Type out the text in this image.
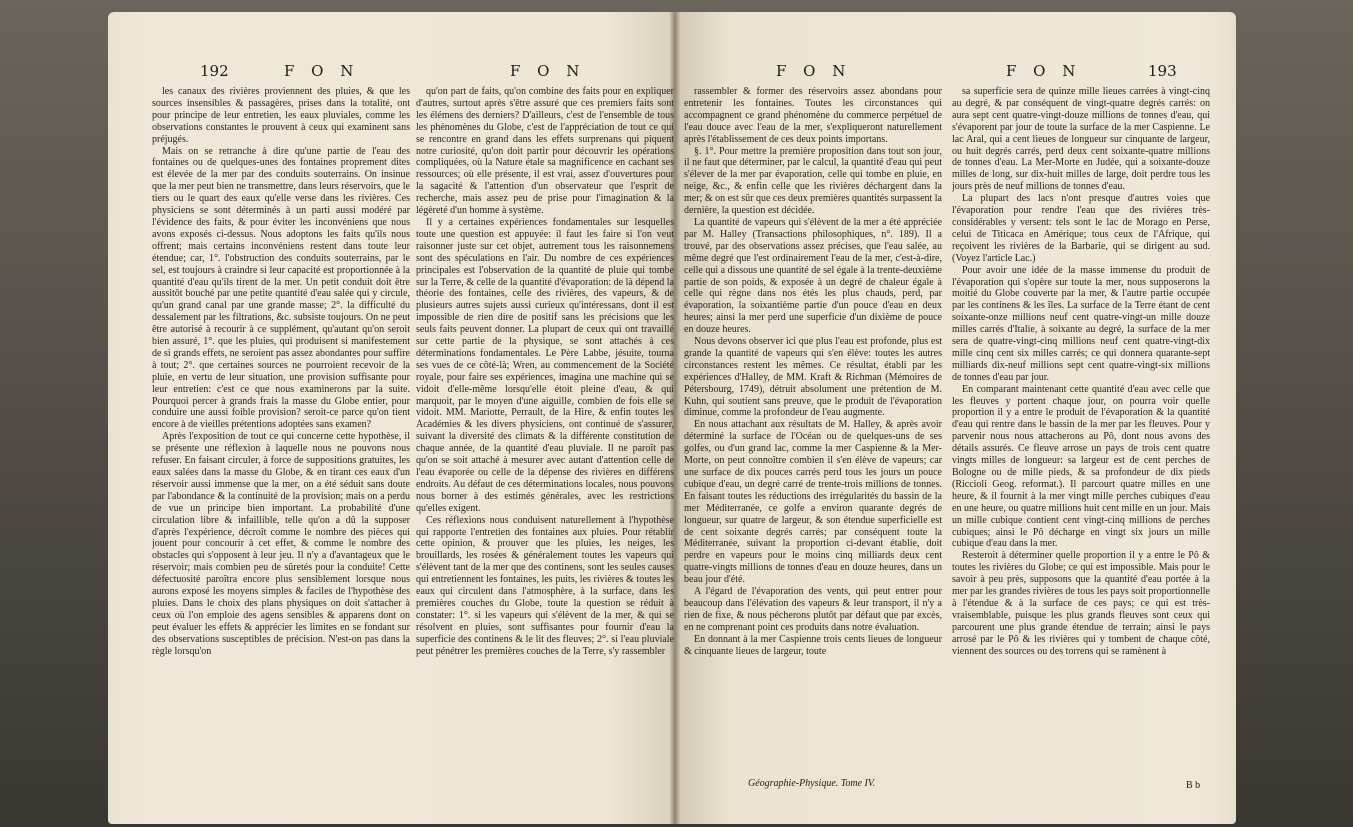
192	F O N	F O N	F O N	F O N	193

les canaux des rivières proviennent des pluies, & que les sources insensibles & passagères, prises dans la totalité, ont pour principe de leur entretien, les eaux pluviales, comme les observations constantes le prouvent à ceux qui examinent sans préjugés.

Mais on se retranche à dire qu'une partie de l'eau des fontaines ou de quelques-unes des fontaines proprement dites est élevée de la mer par des conduits souterrains. On insinue que la mer peut bien ne transmettre, dans leurs réservoirs, que le tiers ou le quart des eaux qu'elle verse dans les rivières. Ces physiciens se sont déterminés à un parti aussi modéré par l'évidence des faits, & pour éviter les inconvéniens que nous avons exposés ci-dessus. Nous adoptons les faits qu'ils nous offrent; mais certains inconvéniens restent dans toute leur étendue; car, 1°. l'obstruction des conduits souterrains, par le sel, est toujours à craindre si leur capacité est proportionnée à la quantité d'eau qu'ils tirent de la mer. Un petit conduit doit être aussitôt bouché par une petite quantité d'eau salée qui y circule, qu'un grand canal par une grande masse; 2°. la difficulté du dessalement par les filtrations, &c. subsiste toujours. On ne peut être autorisé à recourir à ce supplément, qu'autant qu'on seroit bien assuré, 1°. que les pluies, qui produisent si manifestement de si grands effets, ne seroient pas assez abondantes pour suffire à tout; 2°. que certaines sources ne pourroient recevoir de la pluie, en vertu de leur situation, une provision suffisante pour leur entretien: c'est ce que nous examinerons par la suite. Pourquoi percer à grands frais la masse du Globe entier, pour conduire une aussi foible provision? seroit-ce parce qu'on tient encore à de vieilles prétentions adoptées sans examen?

Après l'exposition de tout ce qui concerne cette hypothèse, il se présente une réflexion à laquelle nous ne pouvons nous refuser. En faisant circuler, à force de suppositions gratuites, les eaux salées dans la masse du Globe, & en tirant ces eaux d'un réservoir aussi immense que la mer, on a été séduit sans doute par l'abondance & la continuité de la provision; mais on a perdu de vue un principe bien important. La probabilité d'une circulation libre & infaillible, telle qu'on a dû la supposer d'après l'expérience, décroît comme le nombre des pièces qui jouent pour concourir à cet effet, & comme le nombre des obstacles qui s'opposent à leur jeu. Il n'y a d'avantageux que le réservoir; mais combien peu de sûretés pour la conduite! Cette défectuosité paroîtra encore plus sensiblement lorsque nous aurons exposé les moyens simples & faciles de l'hypothèse des pluies. Dans le choix des plans physiques on doit s'attacher à ceux où l'on emploie des agens sensibles & apparens dont on peut évaluer les effets & apprécier les limites en se fondant sur des observations susceptibles de précision. N'est-on pas dans la règle lorsqu'on

qu'on part de faits, qu'on combine des faits pour en expliquer d'autres, surtout après s'être assuré que ces premiers faits sont les élémens des derniers? D'ailleurs, c'est de l'ensemble de tous les phénomènes du Globe, c'est de l'appréciation de tout ce qui se rencontre en grand dans les effets surprenans qui piquent notre curiosité, qu'on doit partir pour découvrir les opérations compliquées, où la Nature étale sa magnificence en cachant ses ressources; où elle présente, il est vrai, assez d'ouvertures pour la sagacité & l'attention d'un observateur que l'esprit de recherche, mais assez peu de prise pour l'imagination & la légèreté d'un homme à système.

Il y a certaines expériences fondamentales sur lesquelles toute une question est appuyée: il faut les faire si l'on veut raisonner juste sur cet objet, autrement tous les raisonnemens sont des spéculations en l'air. Du nombre de ces expériences principales est l'observation de la quantité de pluie qui tombe sur la Terre, & celle de la quantité d'évaporation: de là dépend la théorie des fontaines, celle des rivières, des vapeurs, & de plusieurs autres sujets aussi curieux qu'intéressans, dont il est impossible de rien dire de positif sans les précisions que les seuls faits peuvent donner. La plupart de ceux qui ont travaillé sur cette partie de la physique, se sont attachés à ces déterminations fondamentales. Le Père Labbe, jésuite, tourna ses vues de ce côté-là; Wren, au commencement de la Société royale, pour faire ses expériences, imagina une machine qui se vidoit d'elle-même lorsqu'elle étoit pleine d'eau, & qui marquoit, par le moyen d'une aiguille, combien de fois elle se vidoit. MM. Mariotte, Perrault, de la Hire, & enfin toutes les Académies & les divers physiciens, ont continué de s'assurer, suivant la diversité des climats & la différente constitution de chaque année, de la quantité d'eau pluviale. Il ne paroît pas qu'on se soit attaché à mesurer avec autant d'attention celle de l'eau évaporée ou celle de la dépense des rivières en différens endroits. Au défaut de ces déterminations locales, nous pouvons nous borner à des estimés générales, avec les restrictions qu'elles exigent.

Ces réflexions nous conduisent naturellement à l'hypothèse qui rapporte l'entretien des fontaines aux pluies. Pour rétablir cette opinion, & prouver que les pluies, les neiges, les brouillards, les rosées & généralement toutes les vapeurs qui s'élèvent tant de la mer que des continens, sont les seules causes qui entretiennent les fontaines, les puits, les rivières & toutes les eaux qui circulent dans l'atmosphère, à la surface, dans les premières couches du Globe, toute la question se réduit à constater: 1°. si les vapeurs qui s'élèvent de la mer, & qui se résolvent en pluies, sont suffisantes pour fournir d'eau la superficie des continens & le lit des fleuves; 2°. si l'eau pluviale peut pénétrer les premières couches de la Terre, s'y rassembler

rassembler & former des réservoirs assez abondans pour entretenir les fontaines. Toutes les circonstances qui accompagnent ce grand phénomène du commerce perpétuel de l'eau douce avec l'eau de la mer, s'expliqueront naturellement après l'établissement de ces deux points importans.

§. 1°. Pour mettre la première proposition dans tout son jour, il ne faut que déterminer, par le calcul, la quantité d'eau qui peut s'élever de la mer par évaporation, celle qui tombe en pluie, en neige, &c., & enfin celle que les rivières déchargent dans la mer; & on est sûr que ces deux premières quantités surpassent la dernière, la question est décidée.

La quantité de vapeurs qui s'élèvent de la mer a été appréciée par M. Halley (Transactions philosophiques, n°. 189). Il a trouvé, par des observations assez précises, que l'eau salée, au même degré que l'est ordinairement l'eau de la mer, c'est-à-dire, celle qui a dissous une quantité de sel égale à la trente-deuxième partie de son poids, & exposée à un degré de chaleur égale à celle qui règne dans nos étés les plus chauds, perd, par évaporation, la soixantième partie d'un pouce d'eau en deux heures; ainsi la mer perd une superficie d'un dixième de pouce en douze heures.

Nous devons observer ici que plus l'eau est profonde, plus est grande la quantité de vapeurs qui s'en élève: toutes les autres circonstances restent les mêmes. Ce résultat, établi par les expériences d'Halley, de MM. Kraft & Richman (Mémoires de Pétersbourg, 1749), détruit absolument une prétention de M. Kuhn, qui soutient sans preuve, que le produit de l'évaporation diminue, comme la profondeur de l'eau augmente.

En nous attachant aux résultats de M. Halley, & après avoir déterminé la surface de l'Océan ou de quelques-uns de ses golfes, ou d'un grand lac, comme la mer Caspienne & la Mer-Morte, on peut connoître combien il s'en élève de vapeurs; car une surface de dix pouces carrés perd tous les jours un pouce cubique d'eau, un degré carré de trente-trois millions de tonnes. En faisant toutes les réductions des irrégularités du bassin de la mer Méditerranée, ce golfe a environ quarante degrés de longueur, sur quatre de largeur, & son étendue superficielle est de cent soixante degrés carrés; par conséquent toute la Méditerranée, suivant la proportion ci-devant établie, doit perdre en vapeurs pour le moins cinq milliards deux cent quatre-vingts millions de tonnes d'eau en douze heures, dans un beau jour d'été.

A l'égard de l'évaporation des vents, qui peut entrer pour beaucoup dans l'élévation des vapeurs & leur transport, il n'y a rien de fixe, & nous pécherons plutôt par défaut que par excès, en ne comprenant point ces produits dans notre évaluation.

En donnant à la mer Caspienne trois cents lieues de longueur & cinquante lieues de largeur, toute

sa superficie sera de quinze mille lieues carrées à vingt-cinq au degré, & par conséquent de vingt-quatre degrés carrés: on aura sept cent quatre-vingt-douze millions de tonnes d'eau, qui s'évaporent par jour de toute la surface de la mer Caspienne. Le lac Aral, qui a cent lieues de longueur sur cinquante de largeur, ou huit degrés carrés, perd deux cent soixante-quatre millions de tonnes d'eau. La Mer-Morte en Judée, qui a soixante-douze milles de long, sur dix-huit milles de large, doit perdre tous les jours près de neuf millions de tonnes d'eau.

La plupart des lacs n'ont presque d'autres voies que l'évaporation pour rendre l'eau que des rivières très-considérables y versent: tels sont le lac de Morago en Perse, celui de Titicaca en Amérique; tous ceux de l'Afrique, qui reçoivent les rivières de la Barbarie, qui se dirigent au sud. (Voyez l'article Lac.)

Pour avoir une idée de la masse immense du produit de l'évaporation qui s'opère sur toute la mer, nous supposerons la moitié du Globe couverte par la mer, & l'autre partie occupée par les continens & les îles. La surface de la Terre étant de cent soixante-onze millions neuf cent quatre-vingt-un mille douze milles carrés d'Italie, à soixante au degré, la surface de la mer sera de quatre-vingt-cinq millions neuf cent quatre-vingt-dix mille cinq cent six milles carrés; ce qui donnera quarante-sept milliards dix-neuf millions sept cent quatre-vingt-six millions de tonnes d'eau par jour.

En comparant maintenant cette quantité d'eau avec celle que les fleuves y portent chaque jour, on pourra voir quelle proportion il y a entre le produit de l'évaporation & la quantité d'eau qui rentre dans le bassin de la mer par les fleuves. Pour y parvenir nous nous attacherons au Pô, dont nous avons des détails assurés. Ce fleuve arrose un pays de trois cent quatre vingts milles de longueur: sa largeur est de cent perches de Bologne ou de mille pieds, & sa profondeur de dix pieds (Riccioli Geog. reformat.). Il parcourt quatre milles en une heure, & il fournit à la mer vingt mille perches cubiques d'eau en une heure, ou quatre millions huit cent mille en un jour. Mais un mille cubique contient cent vingt-cinq millions de perches cubiques; ainsi le Pô décharge en vingt six jours un mille cubique d'eau dans la mer.

Resteroit à déterminer quelle proportion il y a entre le Pô & toutes les rivières du Globe; ce qui est impossible. Mais pour le savoir à peu près, supposons que la quantité d'eau portée à la mer par les grandes rivières de tous les pays soit proportionnelle à l'étendue & à la surface de ces pays; ce qui est très-vraisemblable, puisque les plus grands fleuves sont ceux qui parcourent une plus grande étendue de terrain; ainsi le pays arrosé par le Pô & les rivières qui y tombent de chaque côté, viennent des sources ou des torrens qui se ramènent à

Géographie-Physique. Tome IV.	B b
